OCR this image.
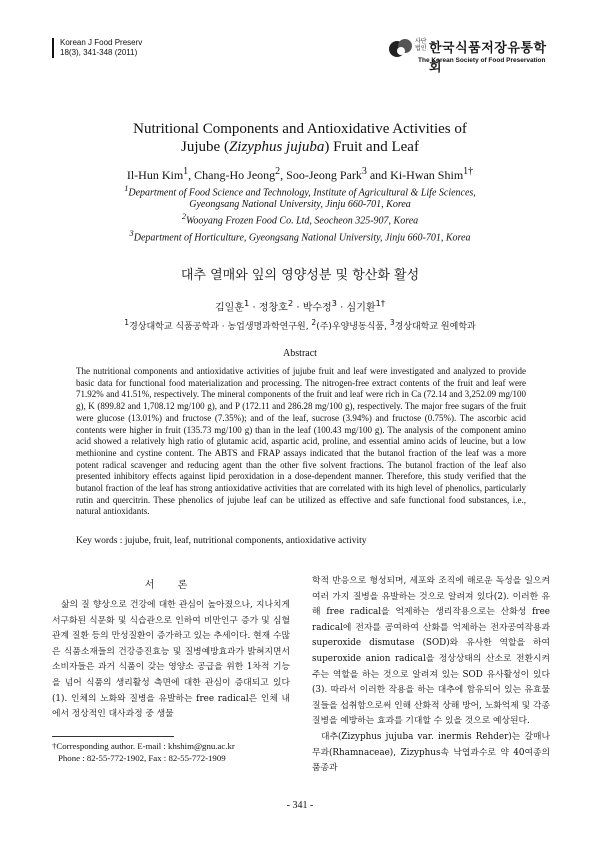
Korean J Food Preserv
18(3), 341-348 (2011)
사단법인 한국식품저장유통학회
The Korean Society of Food Preservation
Nutritional Components and Antioxidative Activities of
Jujube (Zizyphus jujuba) Fruit and Leaf
Il-Hun Kim$^1$, Chang-Ho Jeong$^2$, Soo-Jeong Park$^3$ and Ki-Hwan Shim$^{1\dagger}$
$^1$Department of Food Science and Technology, Institute of Agricultural & Life Sciences,
Gyeongsang National University, Jinju 660-701, Korea
$^2$Wooyang Frozen Food Co. Ltd, Seocheon 325-907, Korea
$^3$Department of Horticulture, Gyeongsang National University, Jinju 660-701, Korea
대추 열매와 잎의 영양성분 및 항산화 활성
김일훈$^1$ · 정창호$^2$ · 박수정$^3$ · 심기환$^{1\dagger}$
$^1$경상대학교 식품공학과 · 농업생명과학연구원, $^2$(주)우양냉동식품, $^3$경상대학교 원예학과
Abstract
The nutritional components and antioxidative activities of jujube fruit and leaf were investigated and analyzed to provide basic data for functional food materialization and processing. The nitrogen-free extract contents of the fruit and leaf were 71.92% and 41.51%, respectively. The mineral components of the fruit and leaf were rich in Ca (72.14 and 3,252.09 mg/100 g), K (899.82 and 1,708.12 mg/100 g), and P (172.11 and 286.28 mg/100 g), respectively. The major free sugars of the fruit were glucose (13.01%) and fructose (7.35%); and of the leaf, sucrose (3.94%) and fructose (0.75%). The ascorbic acid contents were higher in fruit (135.73 mg/100 g) than in the leaf (100.43 mg/100 g). The analysis of the component amino acid showed a relatively high ratio of glutamic acid, aspartic acid, proline, and essential amino acids of leucine, but a low methionine and cystine content. The ABTS and FRAP assays indicated that the butanol fraction of the leaf was a more potent radical scavenger and reducing agent than the other five solvent fractions. The butanol fraction of the leaf also presented inhibitory effects against lipid peroxidation in a dose-dependent manner. Therefore, this study verified that the butanol fraction of the leaf has strong antioxidative activities that are correlated with its high level of phenolics, particularly rutin and quercitrin. These phenolics of jujube leaf can be utilized as effective and safe functional food substances, i.e., natural antioxidants.
Key words : jujube, fruit, leaf, nutritional components, antioxidative activity
서 론

삶의 질 향상으로 건강에 대한 관심이 높아졌으나, 지나치게 서구화된 식문화 및 식습관으로 인하여 비만인구 증가 및 심혈관계 질환 등의 만성질환이 증가하고 있는 추세이다. 현재 수많은 식품소재들의 건강증진효능 및 질병예방효과가 밝혀지면서 소비자들은 과거 식품이 갖는 영양소 공급을 위한 1차적 기능을 넘어 식품의 생리활성 측면에 대한 관심이 증대되고 있다(1). 인체의 노화와 질병을 유발하는 free radical은 인체 내에서 정상적인 대사과정 중 생물

학적 반응으로 형성되며, 세포와 조직에 해로운 독성을 일으켜 여러 가지 질병을 유발하는 것으로 알려져 있다(2). 이러한 유해 free radical을 억제하는 생리작용으로는 산화성 free radical에 전자를 공여하여 산화를 억제하는 전자공여작용과 superoxide dismutase (SOD)와 유사한 역할을 하여 superoxide anion radical을 정상상태의 산소로 전환시켜 주는 역할을 하는 것으로 알려져 있는 SOD 유사활성이 있다(3). 따라서 이러한 작용을 하는 대추에 함유되어 있는 유효물질들을 섭취함으로써 인해 산화적 상해 방어, 노화억제 및 각종 질병을 예방하는 효과를 기대할 수 있을 것으로 예상된다.

대추(Zizyphus jujuba var. inermis Rehder)는 갈매나무과(Rhamnaceae), Zizyphus속 낙엽과수로 약 40여종의 품종과

†Corresponding author. E-mail : khshim@gnu.ac.kr
Phone : 82-55-772-1902, Fax : 82-55-772-1909
- 341 -
